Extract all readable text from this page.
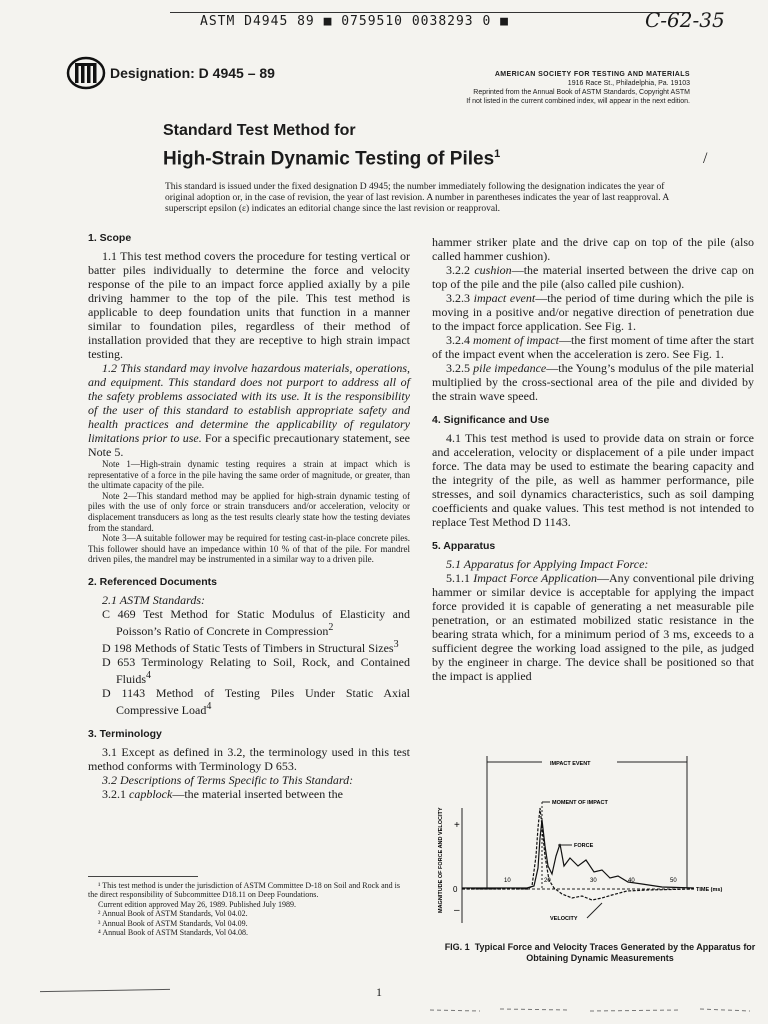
ASTM D4945 89 ■ 0759510 0038293 0 ■	C-62-35
Designation: D 4945 – 89	AMERICAN SOCIETY FOR TESTING AND MATERIALS
1916 Race St., Philadelphia, Pa. 19103
Reprinted from the Annual Book of ASTM Standards, Copyright ASTM
If not listed in the current combined index, will appear in the next edition.
Standard Test Method for
High-Strain Dynamic Testing of Piles$^1$	/
This standard is issued under the fixed designation D 4945; the number immediately following the designation indicates the year of original adoption or, in the case of revision, the year of last revision. A number in parentheses indicates the year of last reapproval. A superscript epsilon (ε) indicates an editorial change since the last revision or reapproval.
1. Scope

1.1 This test method covers the procedure for testing vertical or batter piles individually to determine the force and velocity response of the pile to an impact force applied axially by a pile driving hammer to the top of the pile. This test method is applicable to deep foundation units that function in a manner similar to foundation piles, regardless of their method of installation provided that they are receptive to high strain impact testing.

1.2 This standard may involve hazardous materials, operations, and equipment. This standard does not purport to address all of the safety problems associated with its use. It is the responsibility of the user of this standard to establish appropriate safety and health practices and determine the applicability of regulatory limitations prior to use. For a specific precautionary statement, see Note 5.

Note 1—High-strain dynamic testing requires a strain at impact which is representative of a force in the pile having the same order of magnitude, or greater, than the ultimate capacity of the pile.

Note 2—This standard method may be applied for high-strain dynamic testing of piles with the use of only force or strain transducers and/or acceleration, velocity or displacement transducers as long as the test results clearly state how the testing deviates from the standard.

Note 3—A suitable follower may be required for testing cast-in-place concrete piles. This follower should have an impedance within 10 % of that of the pile. For mandrel driven piles, the mandrel may be instrumented in a similar way to a driven pile.

2. Referenced Documents

2.1 ASTM Standards:

C 469 Test Method for Static Modulus of Elasticity and Poisson’s Ratio of Concrete in Compression$^2$

D 198 Methods of Static Tests of Timbers in Structural Sizes$^3$

D 653 Terminology Relating to Soil, Rock, and Contained Fluids$^4$

D 1143 Method of Testing Piles Under Static Axial Compressive Load$^4$

3. Terminology

3.1 Except as defined in 3.2, the terminology used in this test method conforms with Terminology D 653.

3.2 Descriptions of Terms Specific to This Standard:

3.2.1 capblock—the material inserted between the

¹ This test method is under the jurisdiction of ASTM Committee D-18 on Soil and Rock and is the direct responsibility of Subcommittee D18.11 on Deep Foundations.
Current edition approved May 26, 1989. Published July 1989.
² Annual Book of ASTM Standards, Vol 04.02.
³ Annual Book of ASTM Standards, Vol 04.09.
⁴ Annual Book of ASTM Standards, Vol 04.08.

hammer striker plate and the drive cap on top of the pile (also called hammer cushion).

3.2.2 cushion—the material inserted between the drive cap on top of the pile and the pile (also called pile cushion).

3.2.3 impact event—the period of time during which the pile is moving in a positive and/or negative direction of penetration due to the impact force application. See Fig. 1.

3.2.4 moment of impact—the first moment of time after the start of the impact event when the acceleration is zero. See Fig. 1.

3.2.5 pile impedance—the Young’s modulus of the pile material multiplied by the cross-sectional area of the pile and divided by the strain wave speed.

4. Significance and Use

4.1 This test method is used to provide data on strain or force and acceleration, velocity or displacement of a pile under impact force. The data may be used to estimate the bearing capacity and the integrity of the pile, as well as hammer performance, pile stresses, and soil dynamics characteristics, such as soil damping coefficients and quake values. This test method is not intended to replace Test Method D 1143.

5. Apparatus

5.1 Apparatus for Applying Impact Force:

5.1.1 Impact Force Application—Any conventional pile driving hammer or similar device is acceptable for applying the impact force provided it is capable of generating a net measurable pile penetration, or an estimated mobilized static resistance in the bearing strata which, for a minimum period of 3 ms, exceeds to a sufficient degree the working load assigned to the pile, as judged by the engineer in charge. The device shall be positioned so that the impact is applied

MAGNITUDE OF FORCE AND VELOCITY +
0
–
IMPACT EVENT
MOMENT OF IMPACT
FORCE
VELOCITY
10	20	30	40	50
TIME (ms)
FIG. 1 Typical Force and Velocity Traces Generated by the Apparatus for Obtaining Dynamic Measurements
1
